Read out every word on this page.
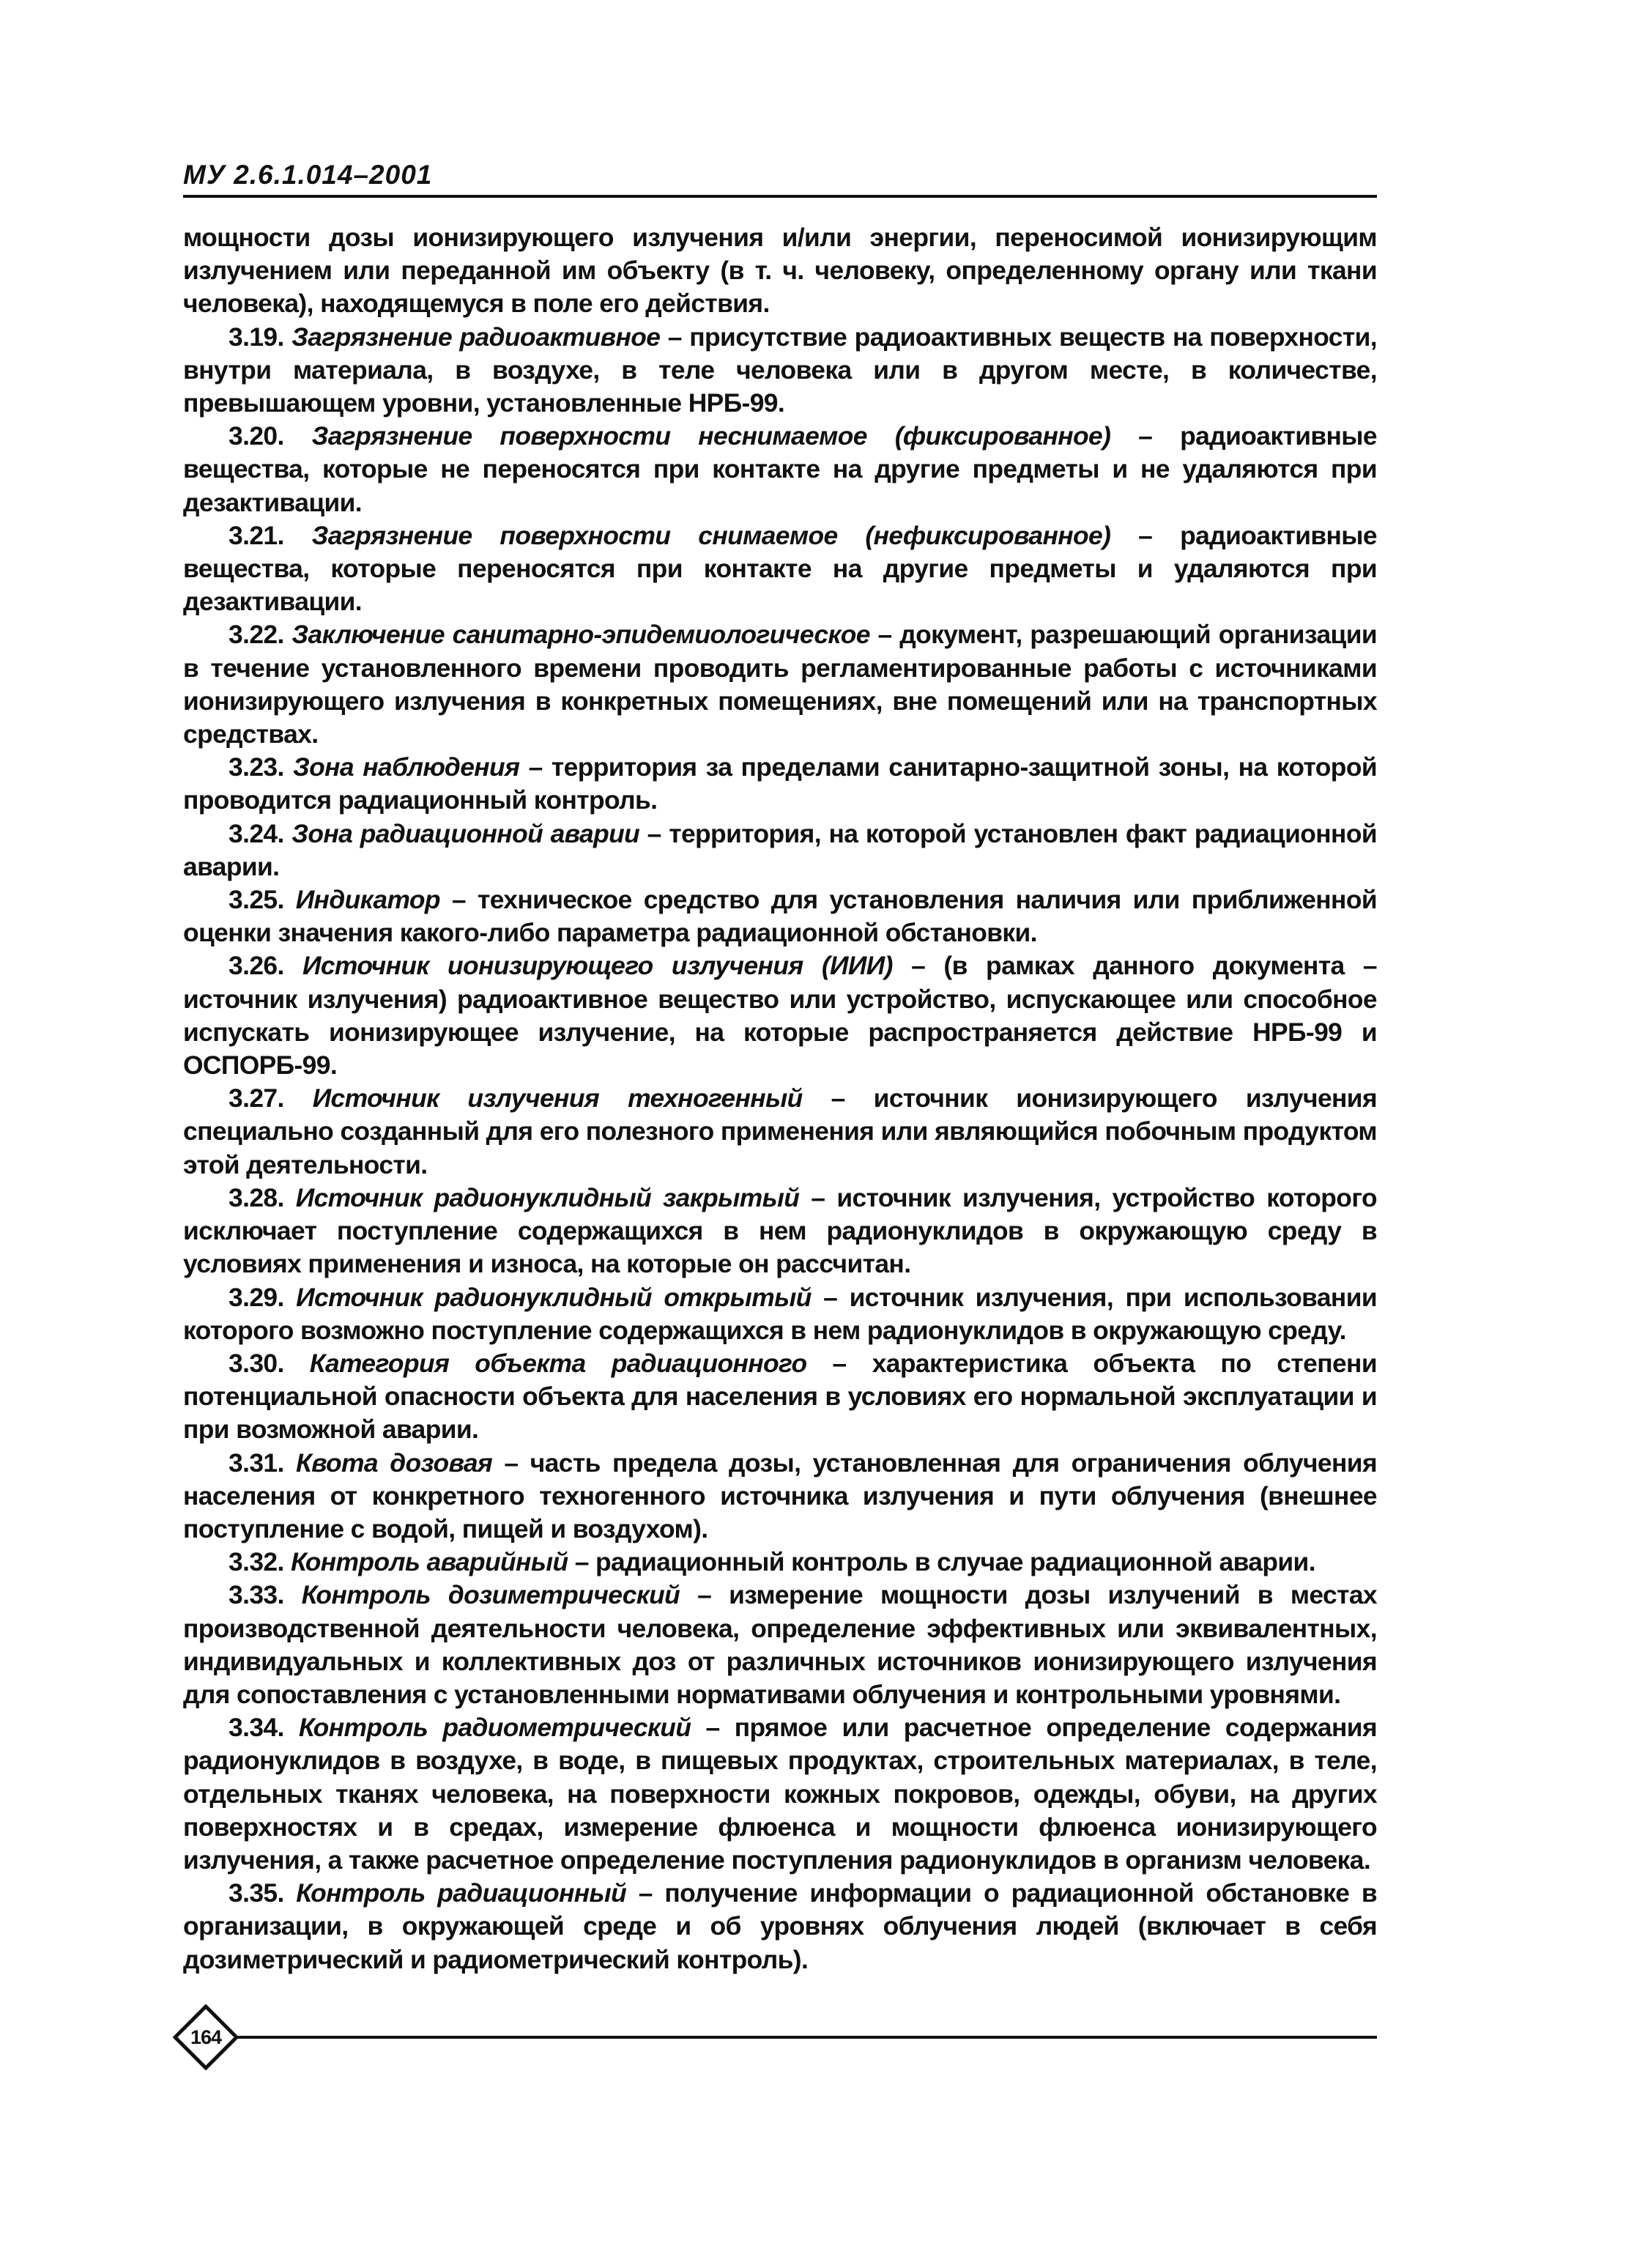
МУ 2.6.1.014–2001

мощности дозы ионизирующего излучения и/или энергии, переносимой ионизирующим излучением или переданной им объекту (в т. ч. человеку, определенному органу или ткани человека), находящемуся в поле его действия.

3.19. Загрязнение радиоактивное – присутствие радиоактивных веществ на поверхности, внутри материала, в воздухе, в теле человека или в другом месте, в количестве, превышающем уровни, установленные НРБ-99.

3.20. Загрязнение поверхности неснимаемое (фиксированное) – радиоактивные вещества, которые не переносятся при контакте на другие предметы и не удаляются при дезактивации.

3.21. Загрязнение поверхности снимаемое (нефиксированное) – радиоактивные вещества, которые переносятся при контакте на другие предметы и удаляются при дезактивации.

3.22. Заключение санитарно-эпидемиологическое – документ, разрешающий организации в течение установленного времени проводить регламентированные работы с источниками ионизирующего излучения в конкретных помещениях, вне помещений или на транспортных средствах.

3.23. Зона наблюдения – территория за пределами санитарно-защитной зоны, на которой проводится радиационный контроль.

3.24. Зона радиационной аварии – территория, на которой установлен факт радиационной аварии.

3.25. Индикатор – техническое средство для установления наличия или приближенной оценки значения какого-либо параметра радиационной обстановки.

3.26. Источник ионизирующего излучения (ИИИ) – (в рамках данного документа – источник излучения) радиоактивное вещество или устройство, испускающее или способное испускать ионизирующее излучение, на которые распространяется действие НРБ-99 и ОСПОРБ-99.

3.27. Источник излучения техногенный – источник ионизирующего излучения специально созданный для его полезного применения или являющийся побочным продуктом этой деятельности.

3.28. Источник радионуклидный закрытый – источник излучения, устройство которого исключает поступление содержащихся в нем радионуклидов в окружающую среду в условиях применения и износа, на которые он рассчитан.

3.29. Источник радионуклидный открытый – источник излучения, при использовании которого возможно поступление содержащихся в нем радионуклидов в окружающую среду.

3.30. Категория объекта радиационного – характеристика объекта по степени потенциальной опасности объекта для населения в условиях его нормальной эксплуатации и при возможной аварии.

3.31. Квота дозовая – часть предела дозы, установленная для ограничения облучения населения от конкретного техногенного источника излучения и пути облучения (внешнее поступление с водой, пищей и воздухом).

3.32. Контроль аварийный – радиационный контроль в случае радиационной аварии.

3.33. Контроль дозиметрический – измерение мощности дозы излучений в местах производственной деятельности человека, определение эффективных или эквивалентных, индивидуальных и коллективных доз от различных источников ионизирующего излучения для сопоставления с установленными нормативами облучения и контрольными уровнями.

3.34. Контроль радиометрический – прямое или расчетное определение содержания радионуклидов в воздухе, в воде, в пищевых продуктах, строительных материалах, в теле, отдельных тканях человека, на поверхности кожных покровов, одежды, обуви, на других поверхностях и в средах, измерение флюенса и мощности флюенса ионизирующего излучения, а также расчетное определение поступления радионуклидов в организм человека.

3.35. Контроль радиационный – получение информации о радиационной обстановке в организации, в окружающей среде и об уровнях облучения людей (включает в себя дозиметрический и радиометрический контроль).

164
